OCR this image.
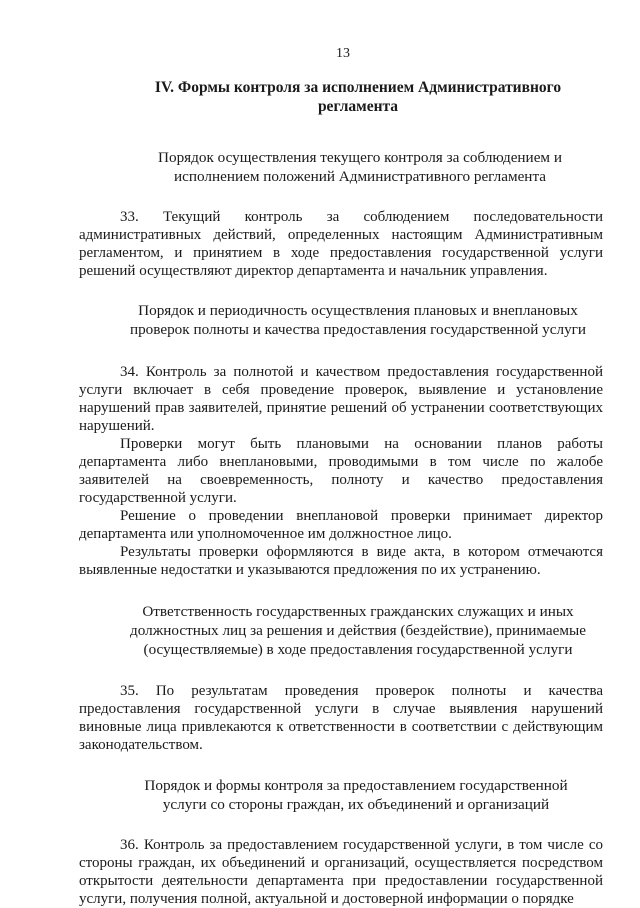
13
IV. Формы контроля за исполнением Административного регламента

Порядок осуществления текущего контроля за соблюдением и исполнением положений Административного регламента

33. Текущий контроль за соблюдением последовательности административных действий, определенных настоящим Административным регламентом, и принятием в ходе предоставления государственной услуги решений осуществляют директор департамента и начальник управления.

Порядок и периодичность осуществления плановых и внеплановых проверок полноты и качества предоставления государственной услуги

34. Контроль за полнотой и качеством предоставления государственной услуги включает в себя проведение проверок, выявление и установление нарушений прав заявителей, принятие решений об устранении соответствующих нарушений.

Проверки могут быть плановыми на основании планов работы департамента либо внеплановыми, проводимыми в том числе по жалобе заявителей на своевременность, полноту и качество предоставления государственной услуги.

Решение о проведении внеплановой проверки принимает директор департамента или уполномоченное им должностное лицо.

Результаты проверки оформляются в виде акта, в котором отмечаются выявленные недостатки и указываются предложения по их устранению.

Ответственность государственных гражданских служащих и иных должностных лиц за решения и действия (бездействие), принимаемые (осуществляемые) в ходе предоставления государственной услуги

35. По результатам проведения проверок полноты и качества предоставления государственной услуги в случае выявления нарушений виновные лица привлекаются к ответственности в соответствии с действующим законодательством.

Порядок и формы контроля за предоставлением государственной услуги со стороны граждан, их объединений и организаций

36. Контроль за предоставлением государственной услуги, в том числе со стороны граждан, их объединений и организаций, осуществляется посредством открытости деятельности департамента при предоставлении государственной услуги, получения полной, актуальной и достоверной информации о порядке
